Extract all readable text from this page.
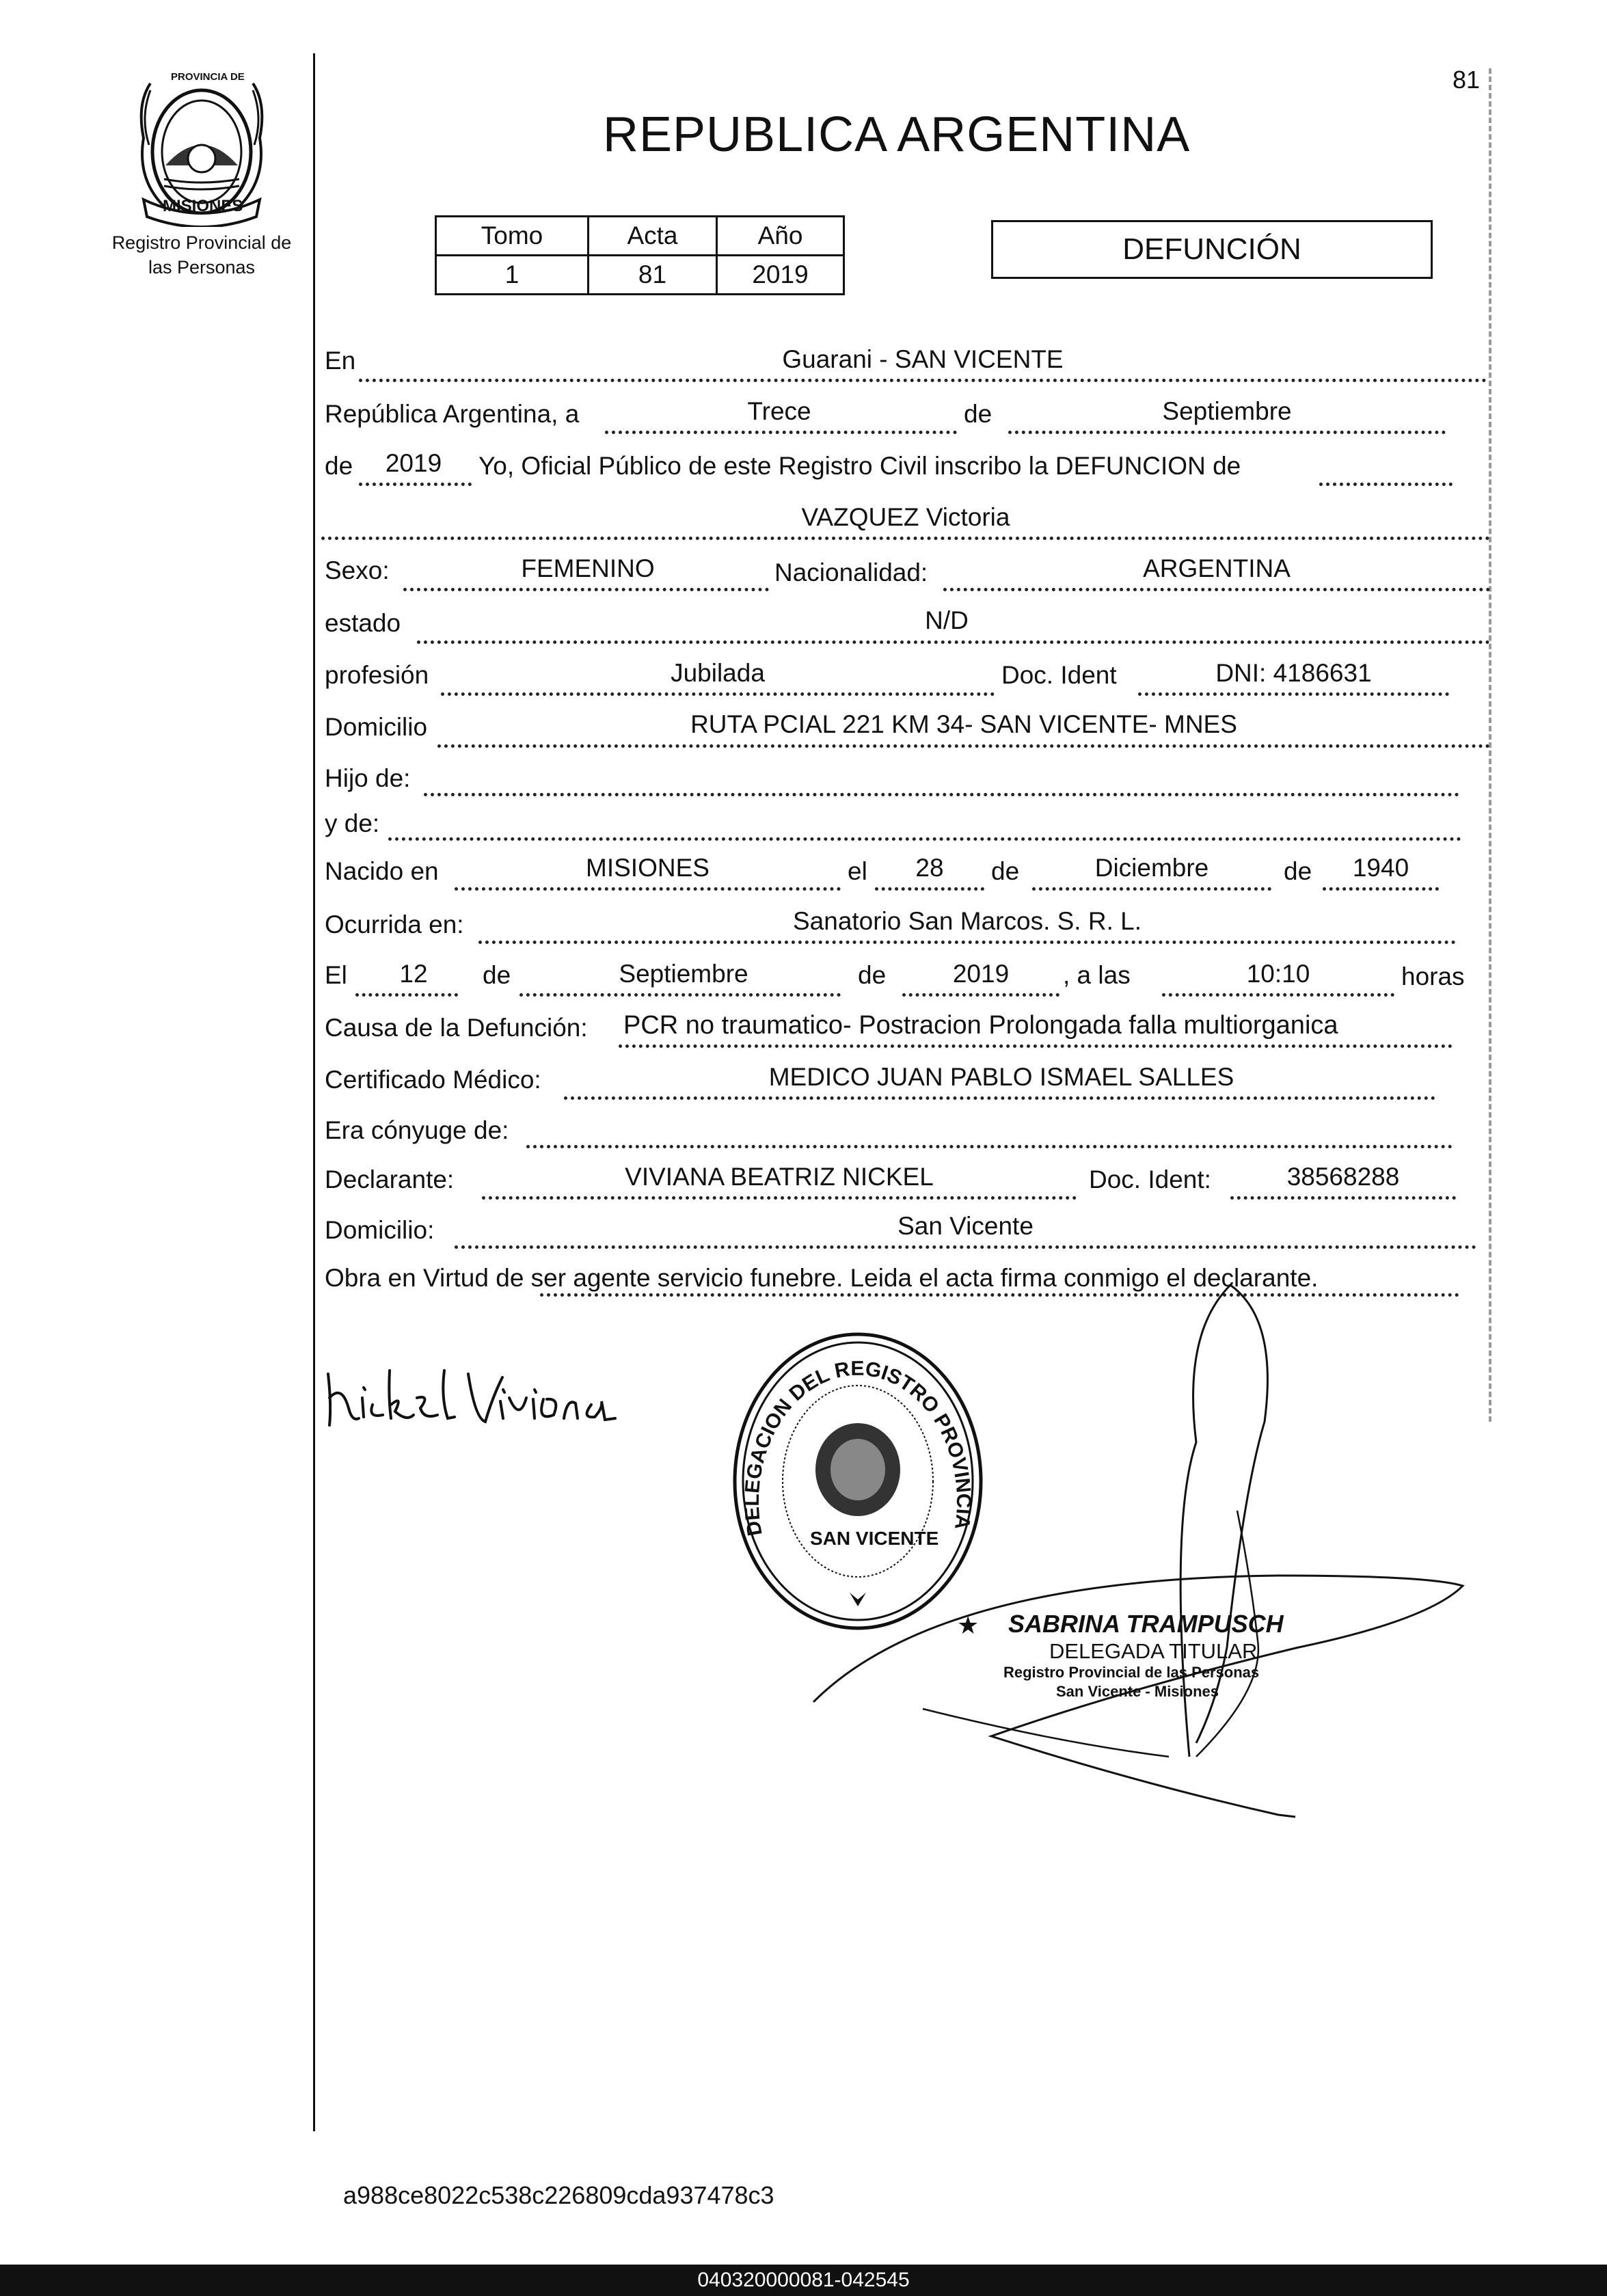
81
PROVINCIA DE
MISIONES
Registro Provincial de
las Personas
REPUBLICA ARGENTINA
Tomo	Acta	Año
1	81	2019
DEFUNCIÓN
En	Guarani - SAN VICENTE
República Argentina, a	Trece	de	Septiembre
de	2019	Yo, Oficial Público de este Registro Civil inscribo la DEFUNCION de
VAZQUEZ Victoria
Sexo:	FEMENINO	Nacionalidad:	ARGENTINA
estado	N/D
profesión	Jubilada	Doc. Ident	DNI: 4186631
Domicilio	RUTA PCIAL 221 KM 34- SAN VICENTE- MNES
Hijo de:
y de:
Nacido en	MISIONES	el	28	de	Diciembre	de	1940
Ocurrida en:	Sanatorio San Marcos. S. R. L.
El	12	de	Septiembre	de	2019	, a las	10:10	horas
Causa de la Defunción: PCR no traumatico- Postracion Prolongada falla multiorganica
Certificado Médico:	MEDICO JUAN PABLO ISMAEL SALLES
Era cónyuge de:
Declarante:	VIVIANA BEATRIZ NICKEL	Doc. Ident:	38568288
Domicilio:	San Vicente
Obra en Virtud de ser agente servicio funebre. Leida el acta firma conmigo el declarante.
DELEGACION DEL REGISTRO PROVINCIA
★
SAN VICENTE
SABRINA TRAMPUSCH
DELEGADA TITULAR
Registro Provincial de las Personas
San Vicente - Misiones
a988ce8022c538c226809cda937478c3
040320000081-042545
